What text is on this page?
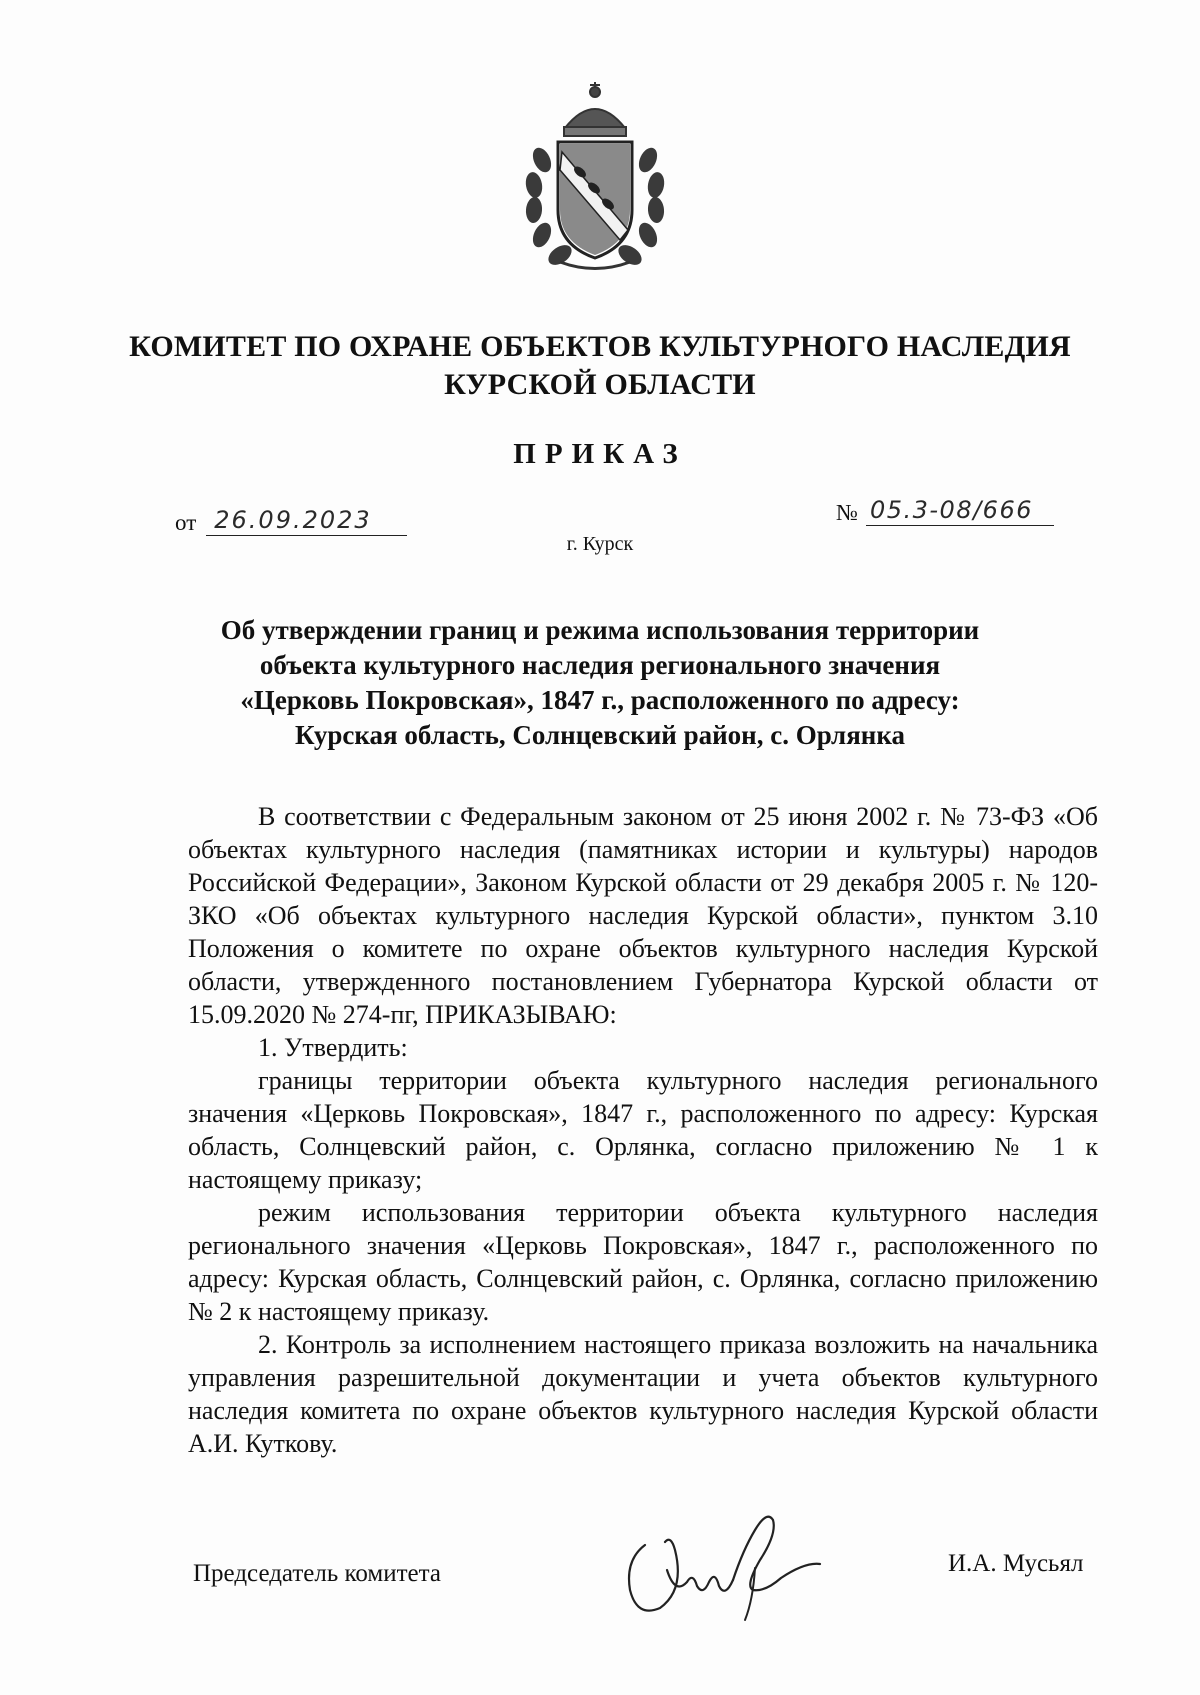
КОМИТЕТ ПО ОХРАНЕ ОБЪЕКТОВ КУЛЬТУРНОГО НАСЛЕДИЯ
КУРСКОЙ ОБЛАСТИ
ПРИКАЗ
от 26.09.2023	№ 05.3-08/666
г. Курск
Об утверждении границ и режима использования территории
объекта культурного наследия регионального значения
«Церковь Покровская», 1847 г., расположенного по адресу:
Курская область, Солнцевский район, с. Орлянка

В соответствии с Федеральным законом от 25 июня 2002 г. № 73-ФЗ «Об объектах культурного наследия (памятниках истории и культуры) народов Российской Федерации», Законом Курской области от 29 декабря 2005 г. № 120-ЗКО «Об объектах культурного наследия Курской области», пунктом 3.10 Положения о комитете по охране объектов культурного наследия Курской области, утвержденного постановлением Губернатора Курской области от 15.09.2020 № 274-пг, ПРИКАЗЫВАЮ:

1. Утвердить:

границы территории объекта культурного наследия регионального значения «Церковь Покровская», 1847 г., расположенного по адресу: Курская область, Солнцевский район, с. Орлянка, согласно приложению № 1 к настоящему приказу;

режим использования территории объекта культурного наследия регионального значения «Церковь Покровская», 1847 г., расположенного по адресу: Курская область, Солнцевский район, с. Орлянка, согласно приложению № 2 к настоящему приказу.

2. Контроль за исполнением настоящего приказа возложить на начальника управления разрешительной документации и учета объектов культурного наследия комитета по охране объектов культурного наследия Курской области А.И. Куткову.

Председатель комитета	И.А. Мусьял
